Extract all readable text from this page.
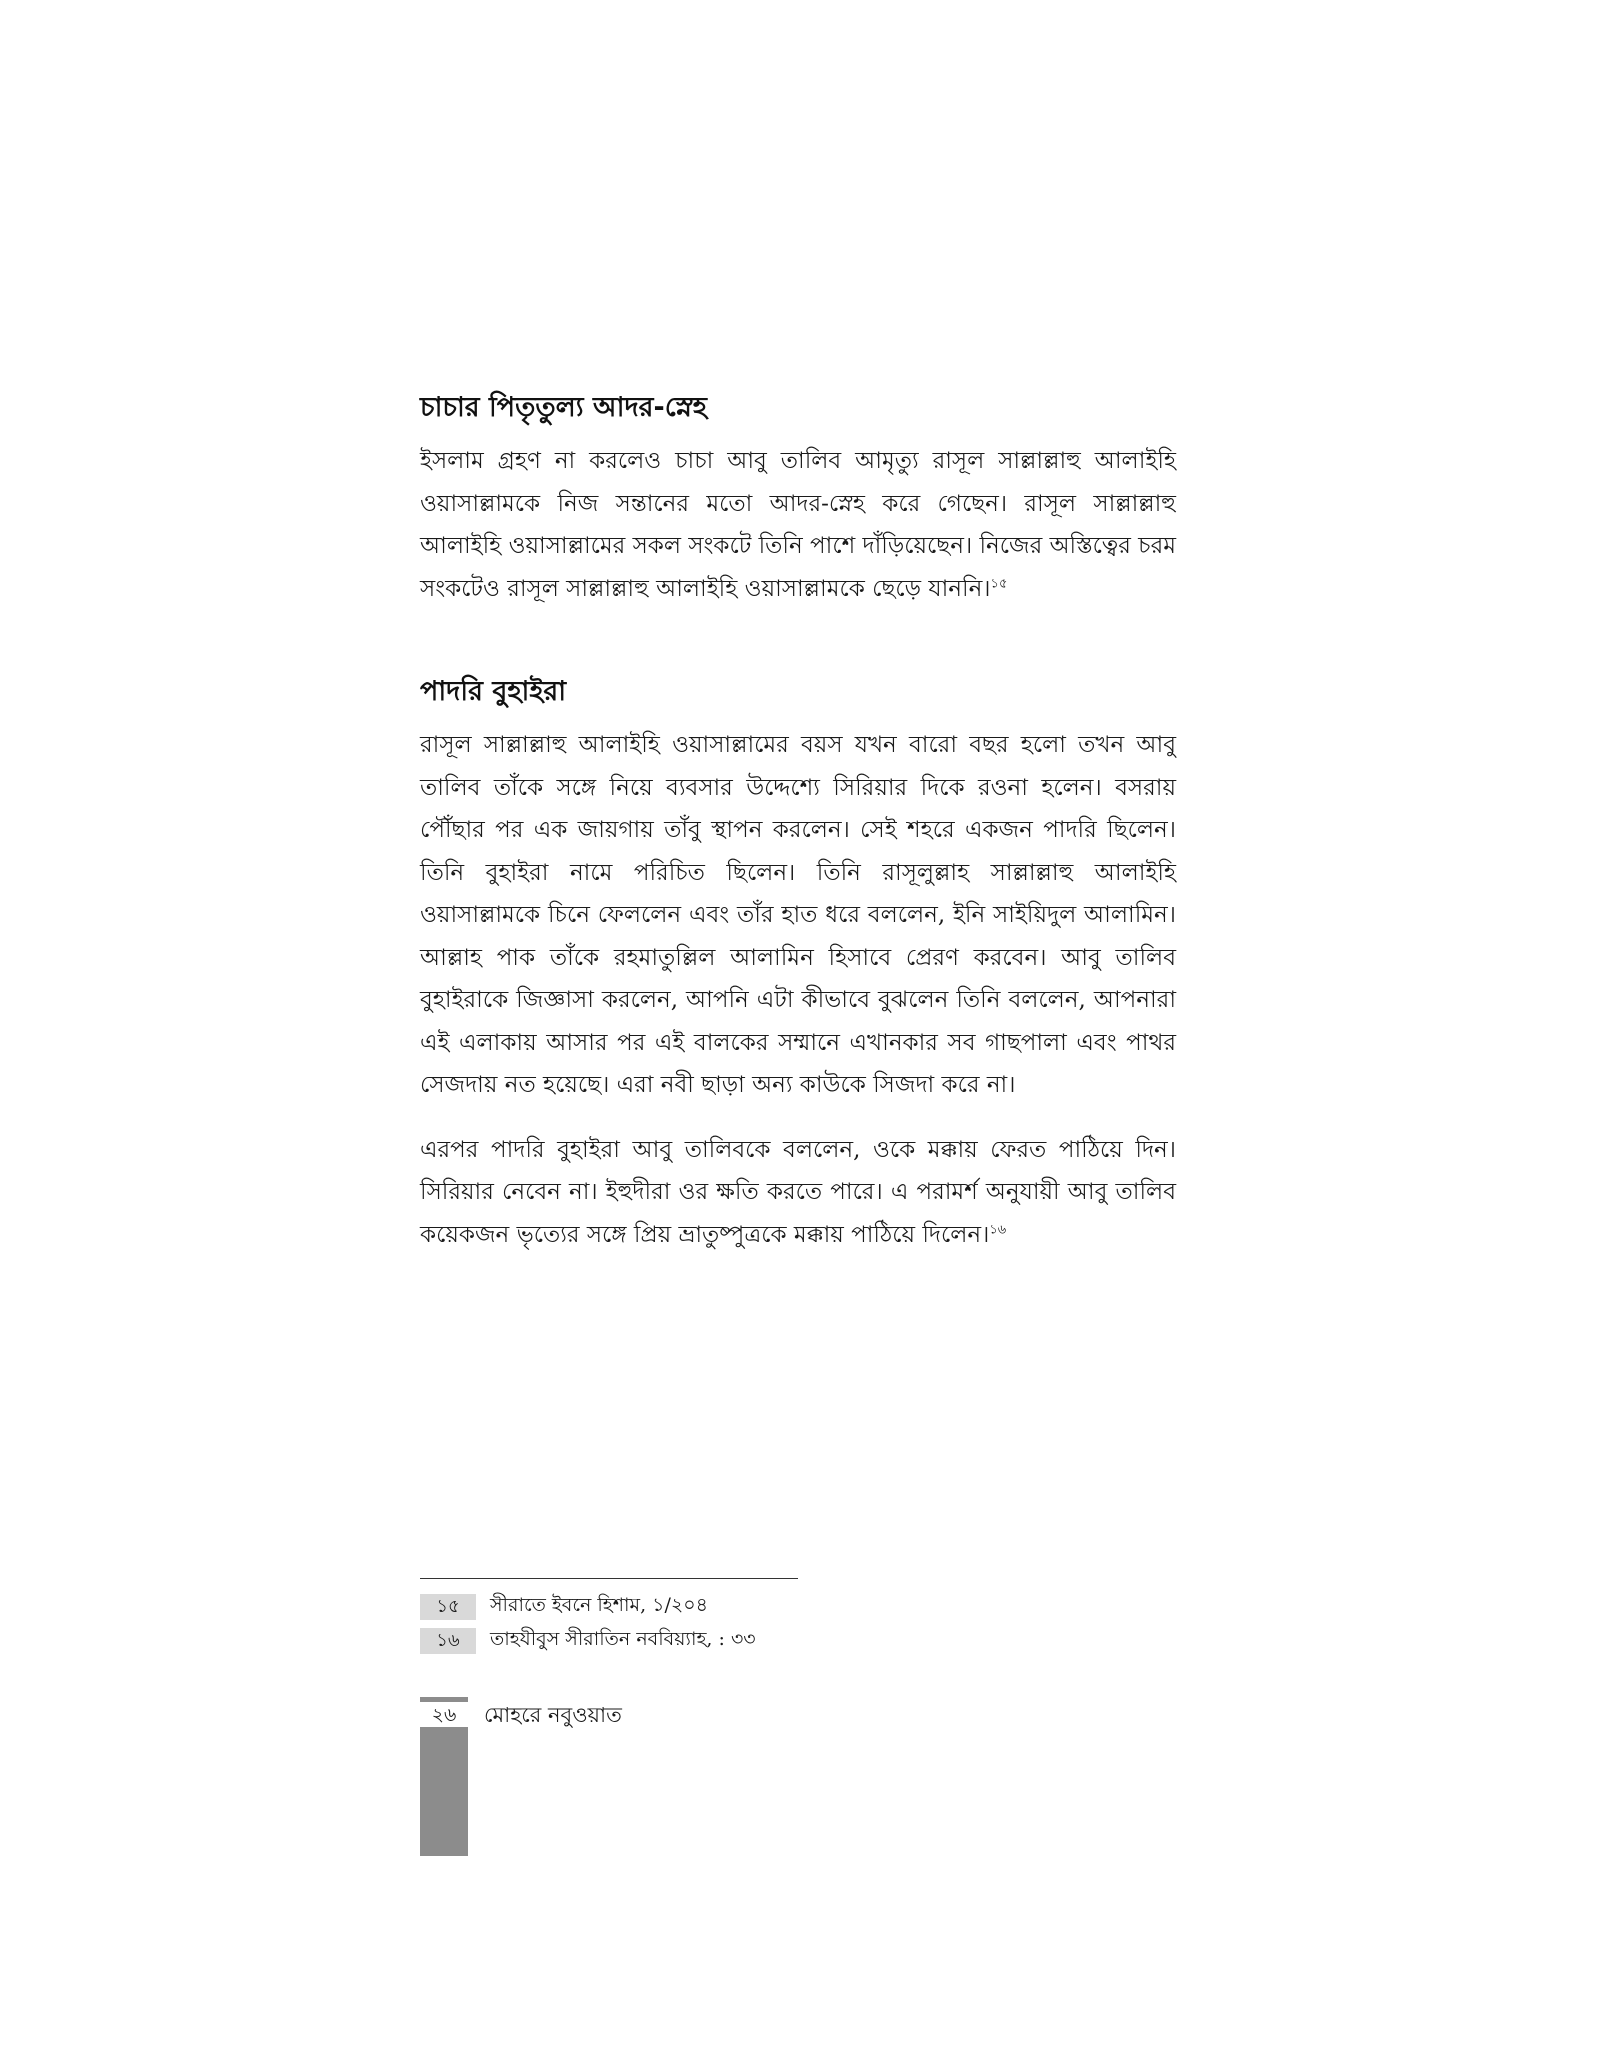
চাচার পিতৃতুল্য আদর-স্নেহ

ইসলাম গ্রহণ না করলেও চাচা আবু তালিব আমৃত্যু রাসূল সাল্লাল্লাহু আলাইহি ওয়াসাল্লামকে নিজ সন্তানের মতো আদর-স্নেহ করে গেছেন। রাসূল সাল্লাল্লাহু আলাইহি ওয়াসাল্লামের সকল সংকটে তিনি পাশে দাঁড়িয়েছেন। নিজের অস্তিত্বের চরম সংকটেও রাসূল সাল্লাল্লাহু আলাইহি ওয়াসাল্লামকে ছেড়ে যাননি।$^{১৫}$

পাদরি বুহাইরা

রাসূল সাল্লাল্লাহু আলাইহি ওয়াসাল্লামের বয়স যখন বারো বছর হলো তখন আবু তালিব তাঁকে সঙ্গে নিয়ে ব্যবসার উদ্দেশ্যে সিরিয়ার দিকে রওনা হলেন। বসরায় পৌঁছার পর এক জায়গায় তাঁবু স্থাপন করলেন। সেই শহরে একজন পাদরি ছিলেন। তিনি বুহাইরা নামে পরিচিত ছিলেন। তিনি রাসূলুল্লাহ সাল্লাল্লাহু আলাইহি ওয়াসাল্লামকে চিনে ফেললেন এবং তাঁর হাত ধরে বললেন, ইনি সাইয়িদুল আলামিন। আল্লাহ পাক তাঁকে রহমাতুল্লিল আলামিন হিসাবে প্রেরণ করবেন। আবু তালিব বুহাইরাকে জিজ্ঞাসা করলেন, আপনি এটা কীভাবে বুঝলেন তিনি বললেন, আপনারা এই এলাকায় আসার পর এই বালকের সম্মানে এখানকার সব গাছপালা এবং পাথর সেজদায় নত হয়েছে। এরা নবী ছাড়া অন্য কাউকে সিজদা করে না।

এরপর পাদরি বুহাইরা আবু তালিবকে বললেন, ওকে মক্কায় ফেরত পাঠিয়ে দিন। সিরিয়ার নেবেন না। ইহুদীরা ওর ক্ষতি করতে পারে। এ পরামর্শ অনুযায়ী আবু তালিব কয়েকজন ভৃত্যের সঙ্গে প্রিয় ভ্রাতুষ্পুত্রকে মক্কায় পাঠিয়ে দিলেন।$^{১৬}$

১৫	সীরাতে ইবনে হিশাম, ১/২০৪
১৬	তাহযীবুস সীরাতিন নববিয়্যাহ, : ৩৩
২৬	মোহরে নবুওয়াত
